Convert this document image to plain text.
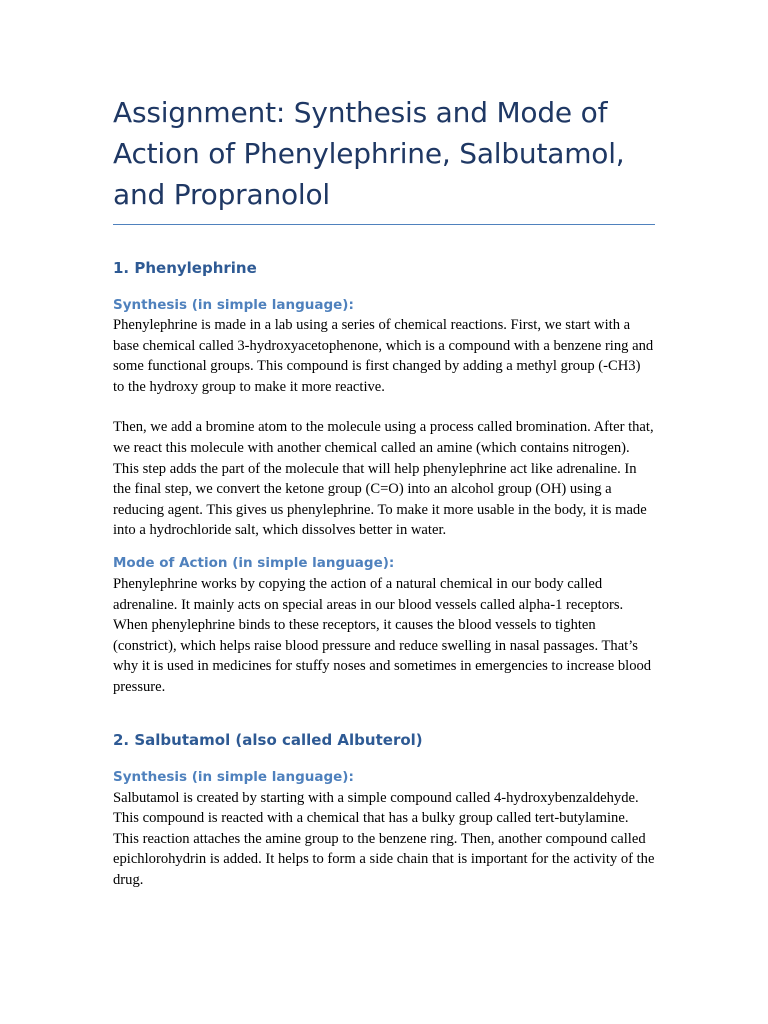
Assignment: Synthesis and Mode of Action of Phenylephrine, Salbutamol, and Propranolol
1. Phenylephrine
Synthesis (in simple language):

Phenylephrine is made in a lab using a series of chemical reactions. First, we start with a base chemical called 3-hydroxyacetophenone, which is a compound with a benzene ring and some functional groups. This compound is first changed by adding a methyl group (-CH3) to the hydroxy group to make it more reactive.

Then, we add a bromine atom to the molecule using a process called bromination. After that, we react this molecule with another chemical called an amine (which contains nitrogen). This step adds the part of the molecule that will help phenylephrine act like adrenaline. In the final step, we convert the ketone group (C=O) into an alcohol group (OH) using a reducing agent. This gives us phenylephrine. To make it more usable in the body, it is made into a hydrochloride salt, which dissolves better in water.

Mode of Action (in simple language):

Phenylephrine works by copying the action of a natural chemical in our body called adrenaline. It mainly acts on special areas in our blood vessels called alpha-1 receptors. When phenylephrine binds to these receptors, it causes the blood vessels to tighten (constrict), which helps raise blood pressure and reduce swelling in nasal passages. That’s why it is used in medicines for stuffy noses and sometimes in emergencies to increase blood pressure.

2. Salbutamol (also called Albuterol)
Synthesis (in simple language):

Salbutamol is created by starting with a simple compound called 4-hydroxybenzaldehyde. This compound is reacted with a chemical that has a bulky group called tert-butylamine. This reaction attaches the amine group to the benzene ring. Then, another compound called epichlorohydrin is added. It helps to form a side chain that is important for the activity of the drug.
